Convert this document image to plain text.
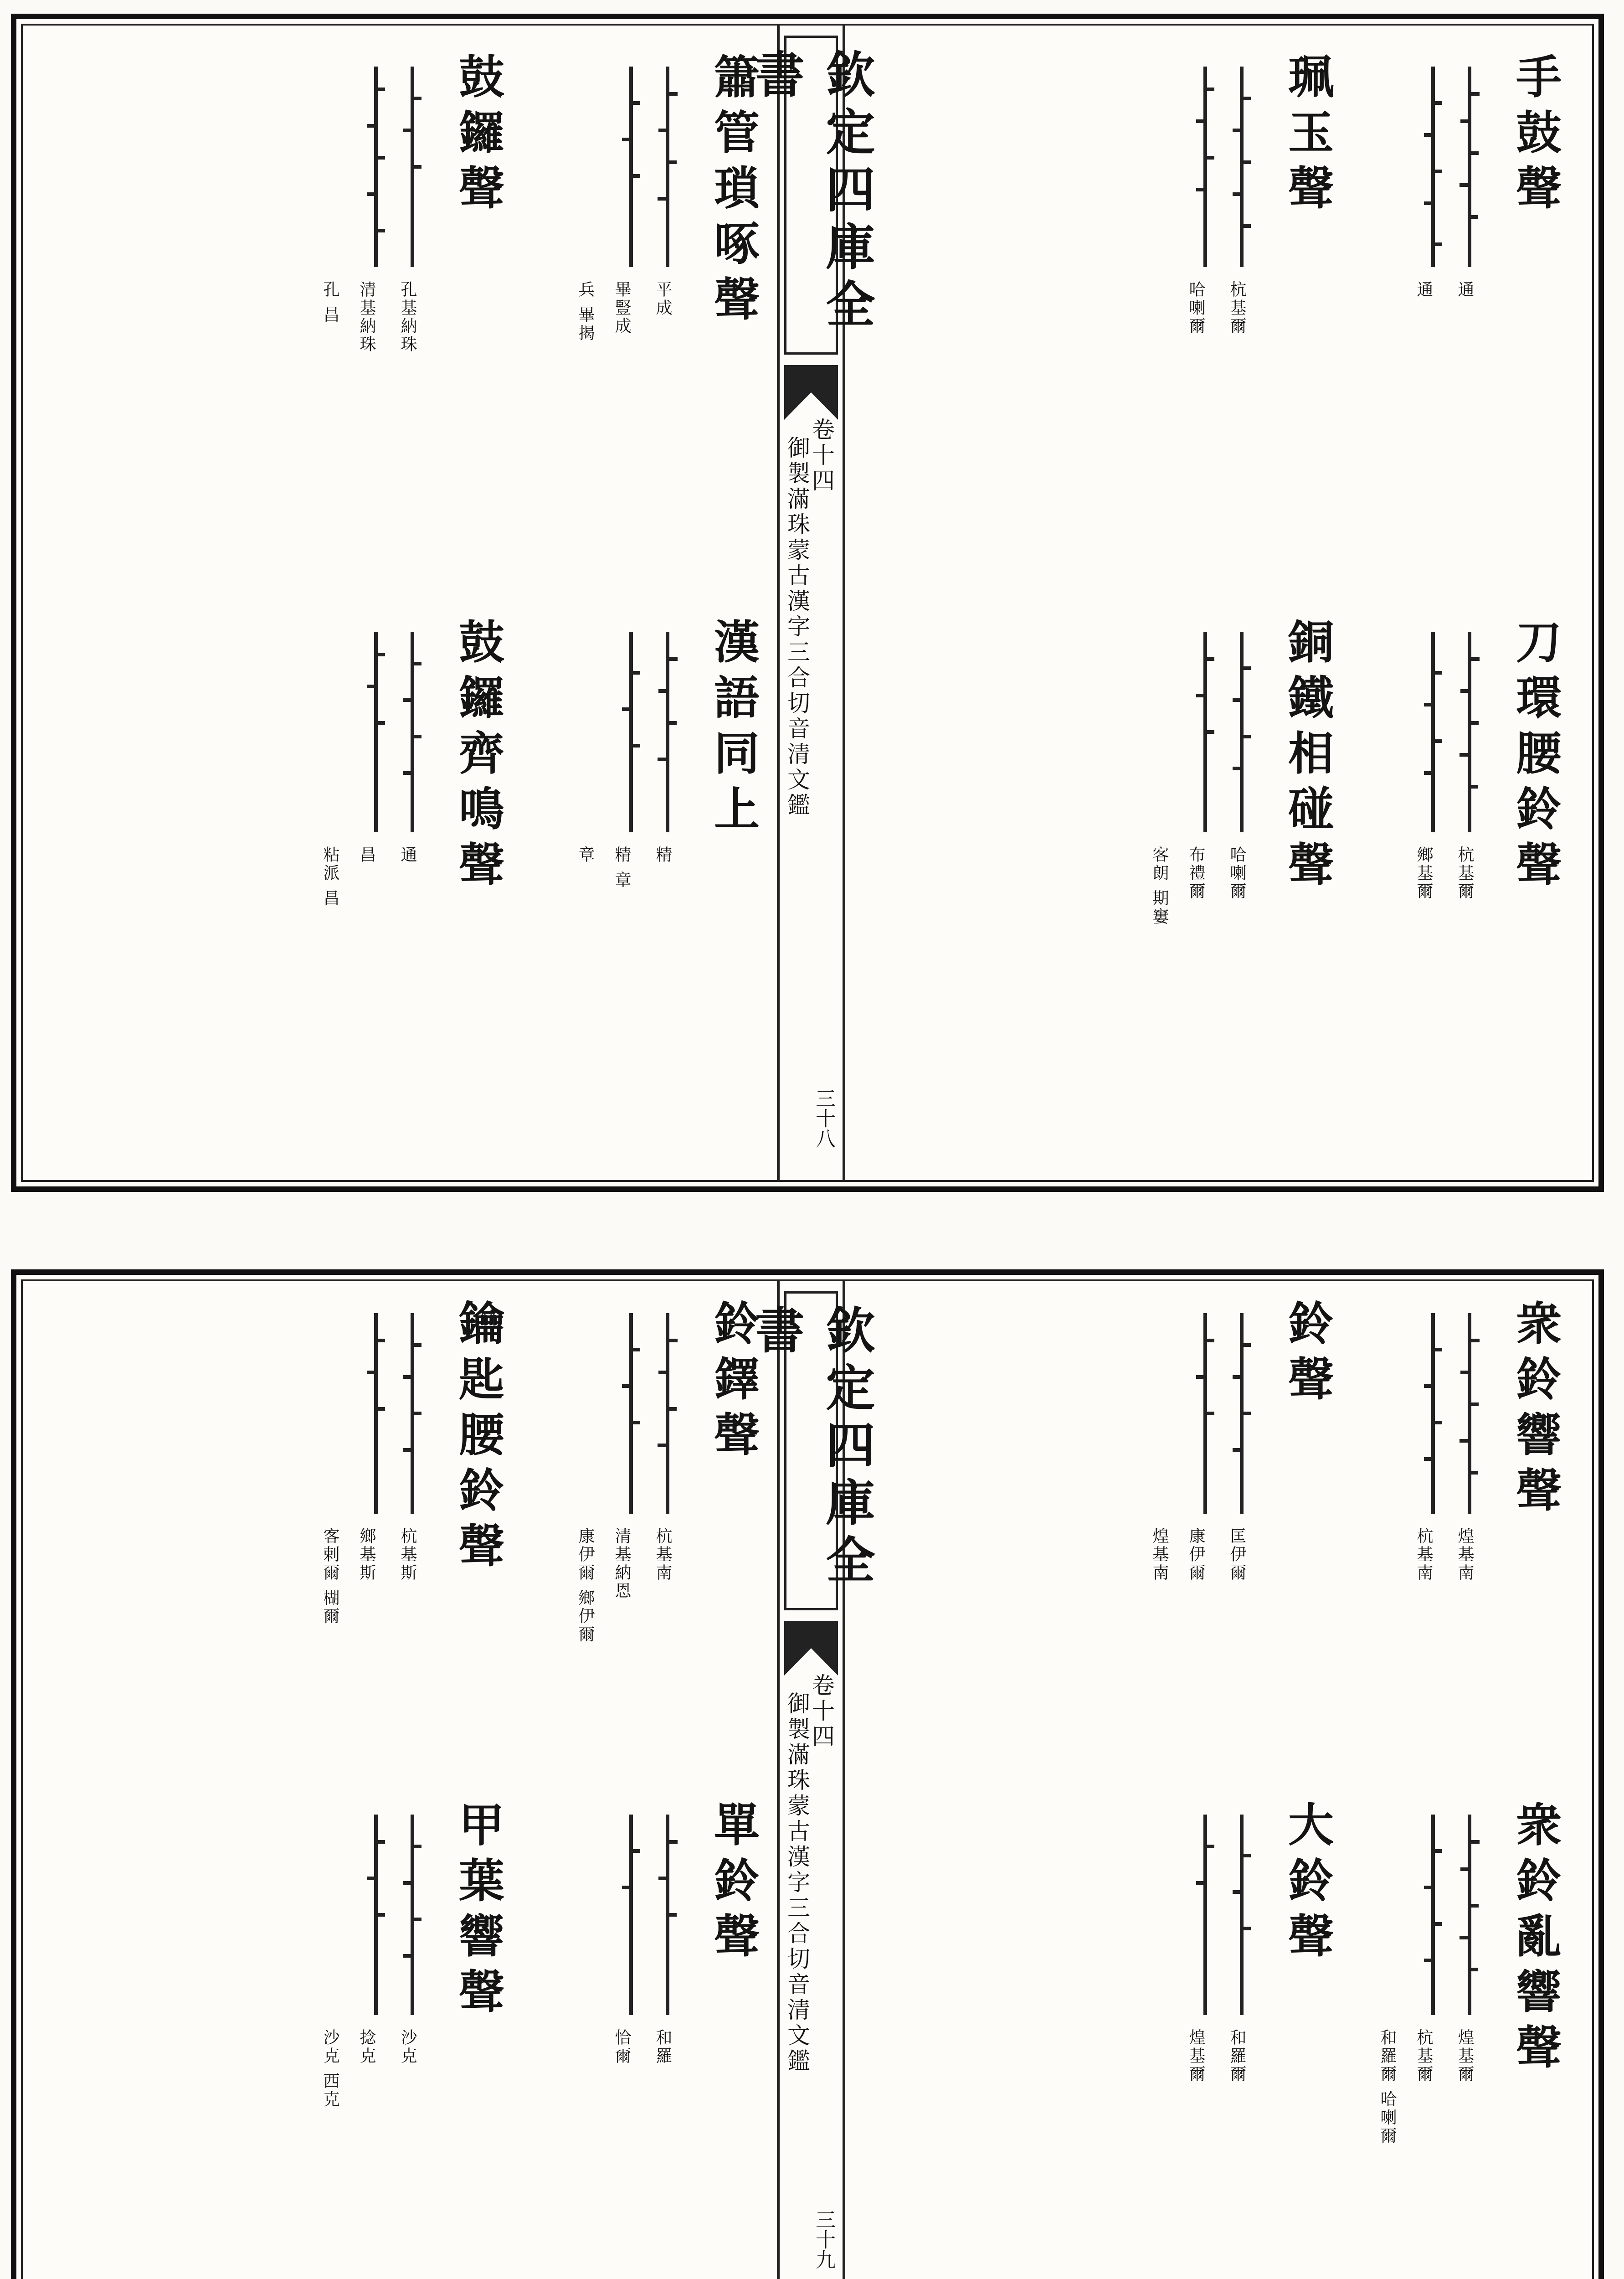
手鼓聲
通
通
珮玉聲
杭基爾
哈喇爾
刀環腰鈴聲
杭基爾
鄉基爾
銅鐵相碰聲
哈喇爾
布禮爾
客朗 期窶
欽定四庫全書
御製滿珠蒙古漢字三合切音清文鑑
卷十四
三十八
簫管瑣啄聲
平成
畢豎成
兵 畢揭
鼓鑼聲
孔基納珠
清基納珠
孔 昌
漢語同上
精
精 章
章
鼓鑼齊鳴聲
通
昌
粘派 昌
衆鈴響聲
煌基南
杭基南
鈴聲
匡伊爾
康伊爾
煌基南
衆鈴亂響聲
煌基爾
杭基爾
和羅爾 哈喇爾
大鈴聲
和羅爾
煌基爾
欽定四庫全書
御製滿珠蒙古漢字三合切音清文鑑
卷十四
三十九
鈴鐸聲
杭基南
清基納恩
康伊爾 鄉伊爾
鑰匙腰鈴聲
杭基斯
鄉基斯
客剌爾 楜爾
單鈴聲
和羅
恰爾
甲葉響聲
沙克
捻克
沙克 西克
